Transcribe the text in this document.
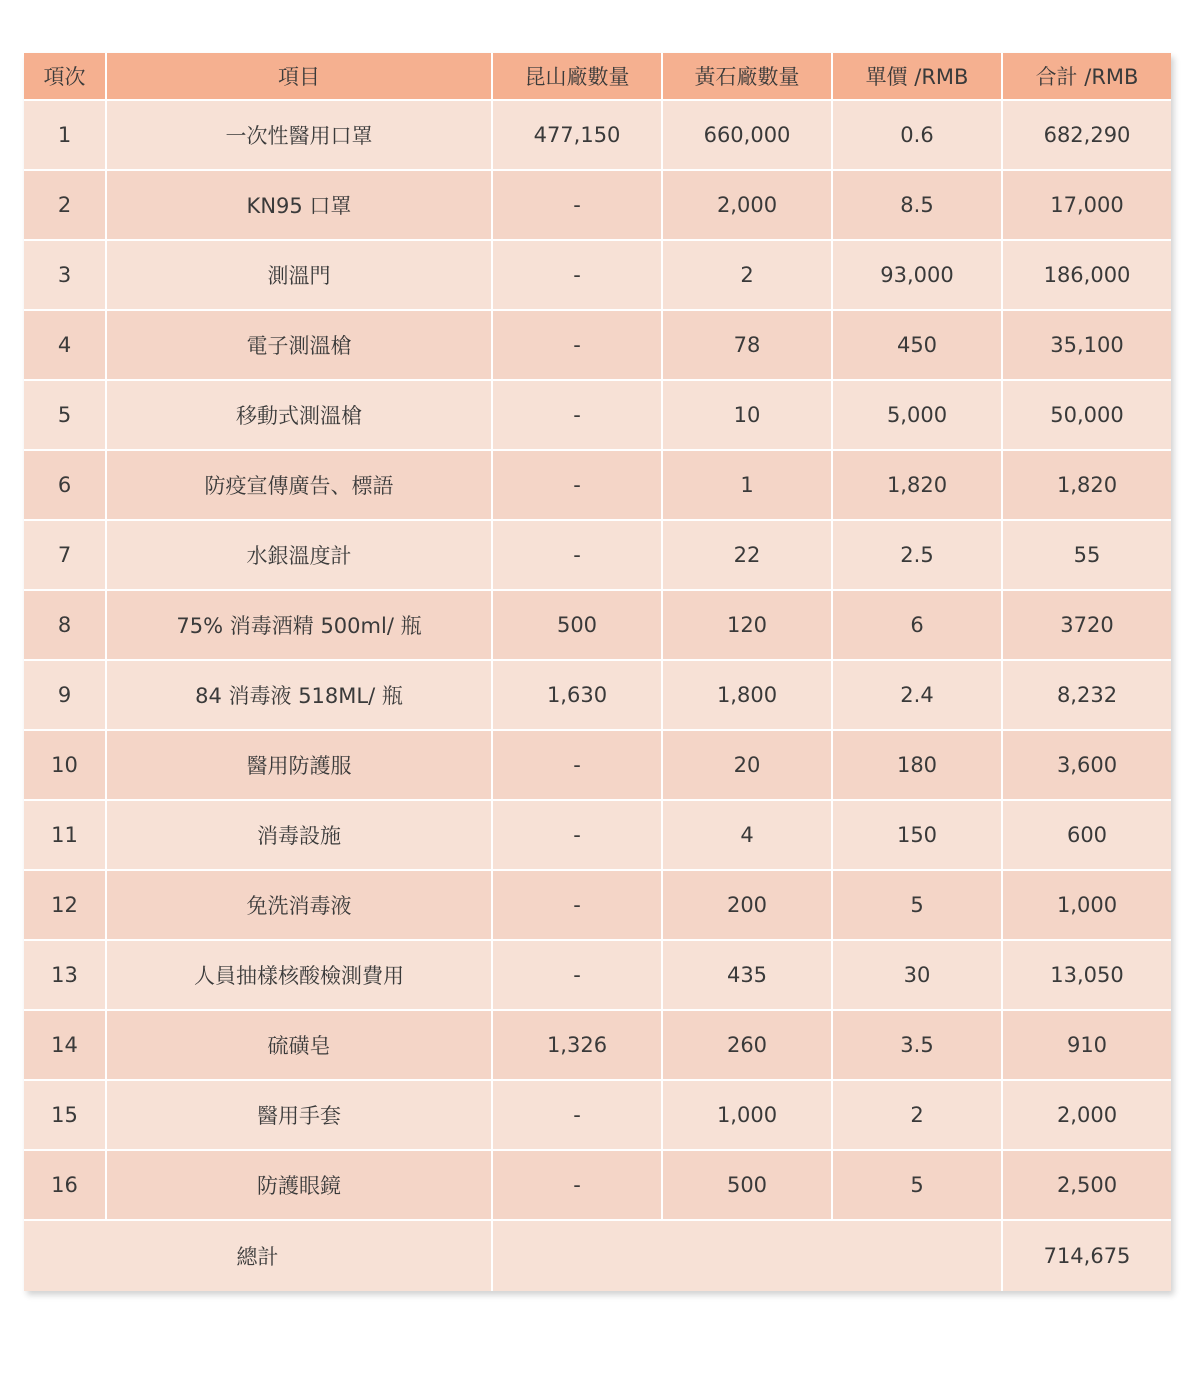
項次	項目	昆山廠數量	黃石廠數量	單價 /RMB	合計 /RMB
1	一次性醫用口罩	477,150	660,000	0.6	682,290
2	KN95 口罩	-	2,000	8.5	17,000
3	測溫門	-	2	93,000	186,000
4	電子測溫槍	-	78	450	35,100
5	移動式測溫槍	-	10	5,000	50,000
6	防疫宣傳廣告、標語	-	1	1,820	1,820
7	水銀溫度計	-	22	2.5	55
8	75% 消毒酒精 500ml/ 瓶	500	120	6	3720
9	84 消毒液 518ML/ 瓶	1,630	1,800	2.4	8,232
10	醫用防護服	-	20	180	3,600
11	消毒設施	-	4	150	600
12	免洗消毒液	-	200	5	1,000
13	人員抽樣核酸檢測費用	-	435	30	13,050
14	硫磺皂	1,326	260	3.5	910
15	醫用手套	-	1,000	2	2,000
16	防護眼鏡	-	500	5	2,500
總計					714,675
